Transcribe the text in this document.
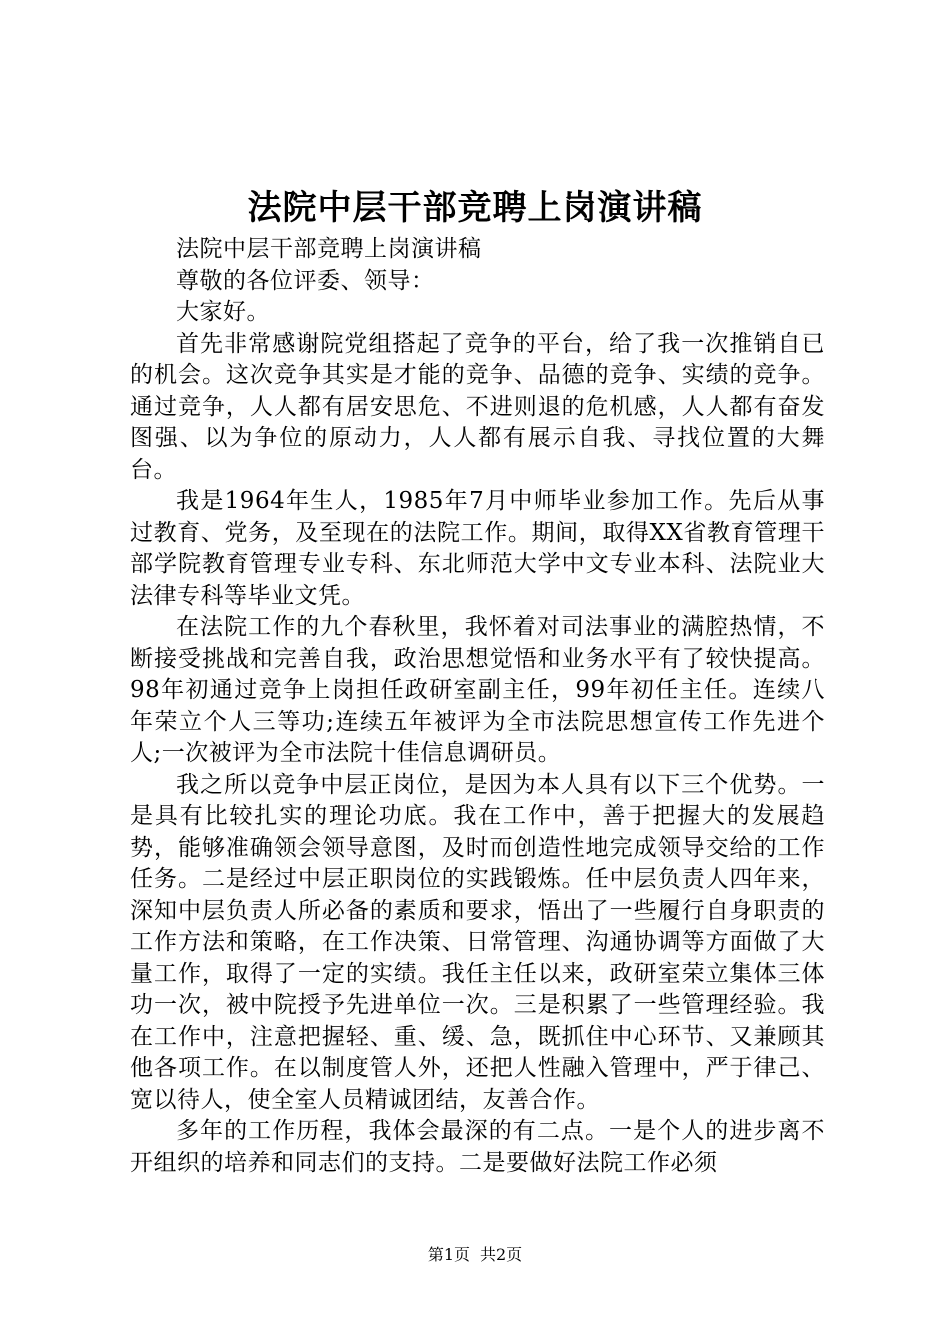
法院中层干部竞聘上岗演讲稿

法院中层干部竞聘上岗演讲稿

尊敬的各位评委、领导：

大家好。

首先非常感谢院党组搭起了竞争的平台，给了我一次推销自已的机会。这次竞争其实是才能的竞争、品德的竞争、实绩的竞争。通过竞争，人人都有居安思危、不进则退的危机感，人人都有奋发图强、以为争位的原动力，人人都有展示自我、寻找位置的大舞台。

我是1964年生人，1985年7月中师毕业参加工作。先后从事过教育、党务，及至现在的法院工作。期间，取得XX省教育管理干部学院教育管理专业专科、东北师范大学中文专业本科、法院业大法律专科等毕业文凭。

在法院工作的九个春秋里，我怀着对司法事业的满腔热情，不断接受挑战和完善自我，政治思想觉悟和业务水平有了较快提高。98年初通过竞争上岗担任政研室副主任，99年初任主任。连续八年荣立个人三等功;连续五年被评为全市法院思想宣传工作先进个人;一次被评为全市法院十佳信息调研员。

我之所以竞争中层正岗位，是因为本人具有以下三个优势。一是具有比较扎实的理论功底。我在工作中，善于把握大的发展趋势，能够准确领会领导意图，及时而创造性地完成领导交给的工作任务。二是经过中层正职岗位的实践锻炼。任中层负责人四年来，深知中层负责人所必备的素质和要求，悟出了一些履行自身职责的工作方法和策略，在工作决策、日常管理、沟通协调等方面做了大量工作，取得了一定的实绩。我任主任以来，政研室荣立集体三体功一次，被中院授予先进单位一次。三是积累了一些管理经验。我在工作中，注意把握轻、重、缓、急，既抓住中心环节、又兼顾其他各项工作。在以制度管人外，还把人性融入管理中，严于律己、宽以待人，使全室人员精诚团结，友善合作。

多年的工作历程，我体会最深的有二点。一是个人的进步离不开组织的培养和同志们的支持。二是要做好法院工作必须

第1页 共2页
